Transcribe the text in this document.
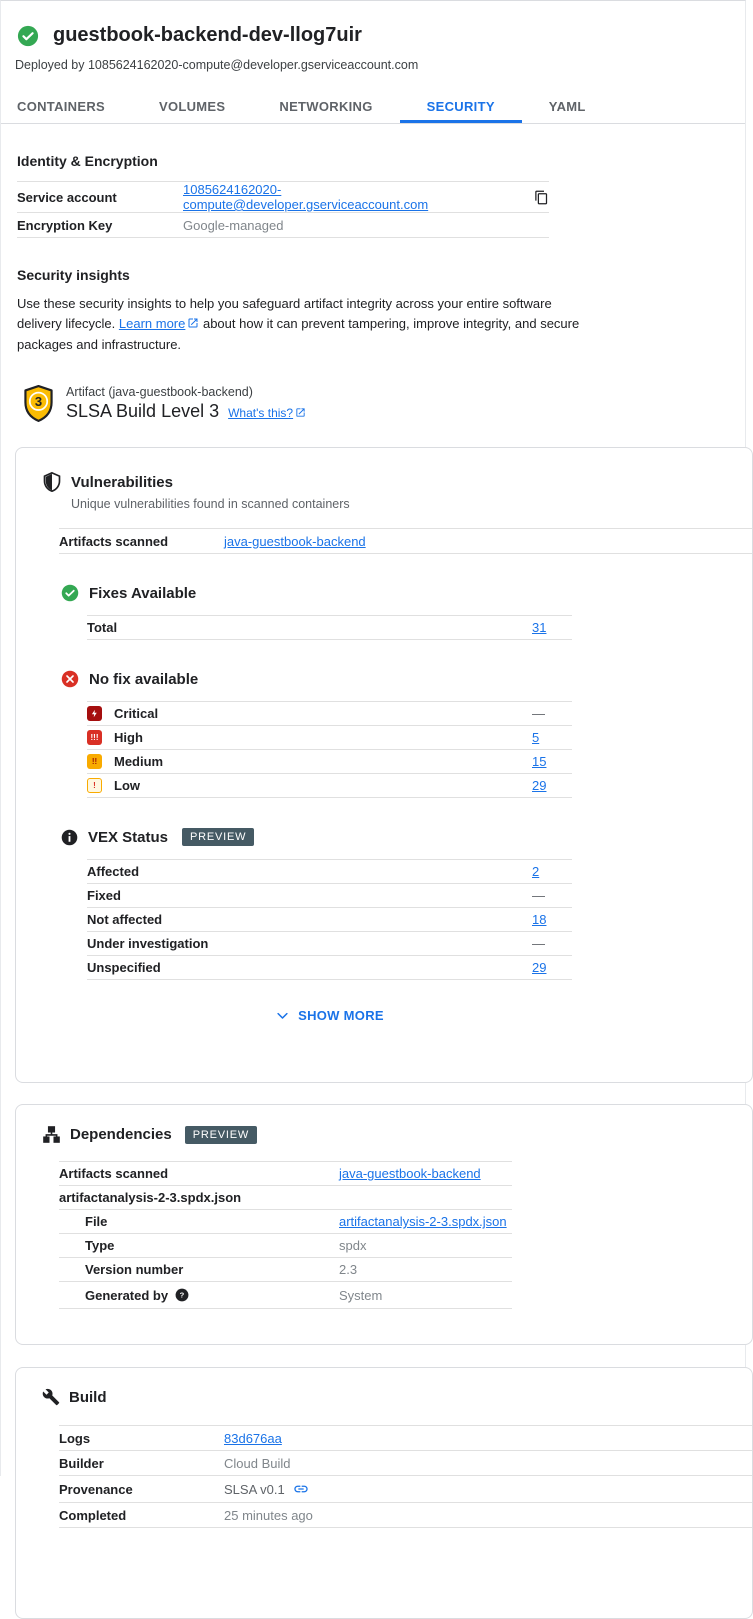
guestbook-backend-dev-llog7uir
Deployed by 1085624162020-compute@developer.gserviceaccount.com
CONTAINERS	VOLUMES	NETWORKING	SECURITY	YAML
Identity & Encryption
Service account	1085624162020-compute@developer.gserviceaccount.com
Encryption Key	Google-managed
Security insights
Use these security insights to help you safeguard artifact integrity across your entire software delivery lifecycle. Learn more about how it can prevent tampering, improve integrity, and secure packages and infrastructure.
3
Artifact (java-guestbook-backend)
SLSA Build Level 3 What's this?
Vulnerabilities
Unique vulnerabilities found in scanned containers
Artifacts scanned	java-guestbook-backend
Fixes Available
Total	31
No fix available
Critical	—
!!! High	5
!!	Medium	15
!	Low	29
VEX Status	PREVIEW
Affected	2
Fixed	—
Not affected	18
Under investigation	—
Unspecified	29
SHOW MORE
Dependencies	PREVIEW
Artifacts scanned	java-guestbook-backend
artifactanalysis-2-3.spdx.json
File	artifactanalysis-2-3.spdx.json
Type	spdx
Version number	2.3
Generated by ?	System
Build
Logs	83d676aa
Builder	Cloud Build
Provenance	SLSA v0.1
Completed	25 minutes ago
